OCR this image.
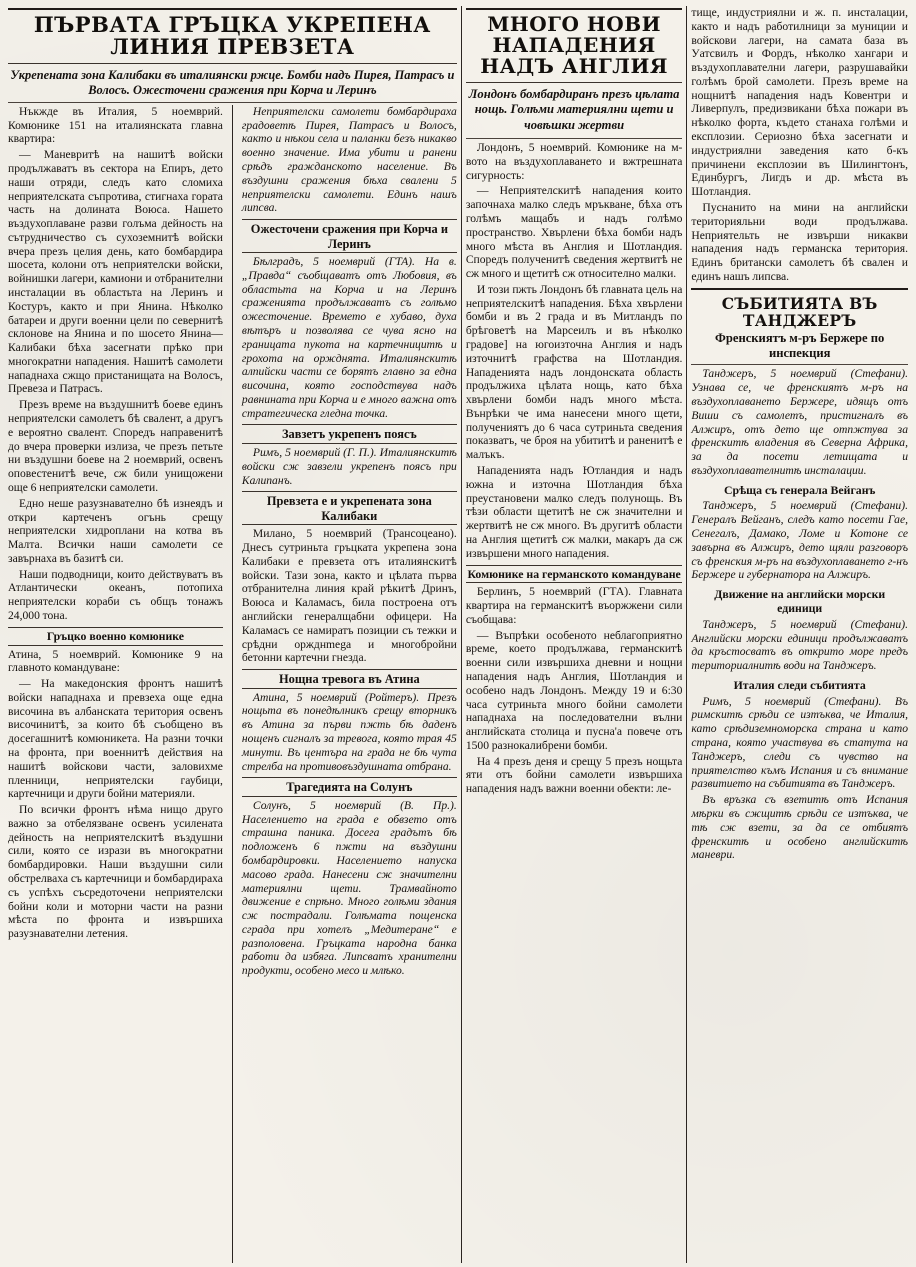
ПЪРВАТА ГРЪЦКА УКРЕПЕНА ЛИНИЯ ПРЕВЗЕТА
Укрепената зона Калибаки въ италиянски ржце. Бомби надъ Пирея, Патрасъ и Волосъ. Ожесточени сражения при Корча и Леринъ

Нъкжде въ Италия, 5 ноемврий. Комюнике 151 на италиянската главна квартира:

— Маневритѣ на нашитѣ войски продължаватъ въ сектора на Епиръ, дето наши отряди, следъ като сломиха неприятелската съпротива, стигнаха гората часть на долината Воюса. Нашето въздухоплаване разви голъма дейность на сътрудничество съ сухоземнитѣ войски вчера презъ целия день, като бомбардира шосета, колони отъ неприятелски войски, войнишки лагери, камиони и отбранителни инсталации въ областьта на Леринъ и Костуръ, както и при Янина. Нѣколко батареи и други военни цели по севернитѣ склонове на Янина и по шосето Янина—Калибаки бѣха засегнати прѣко при многократни нападения. Нашитѣ самолети нападнаха сжщо пристанищата на Волосъ, Превеза и Патрасъ.

Презъ време на въздушнитѣ боеве единъ неприятелски самолетъ бѣ свалент, а другъ е вероятно свалент. Споредъ направенитѣ до вчера проверки излиза, че презъ петьте ни въздушни боеве на 2 ноемврий, освенъ оповестенитѣ вече, сж били унищожени още 6 неприятелски самолети.

Едно нешe разузнавателно бѣ изнеядъ и откри картеченъ огънь срещу неприятелски хидроплани на котва въ Малта. Всички наши самолети се завърнаха въ базитѣ си.

Наши подводници, които действуватъ въ Атлантически океанъ, потопиха неприятелски кораби съ общъ тонажъ 24,000 тона.

Гръцко военно комюнике

Атина, 5 ноемврий. Комюнике 9 на главното командуване:

— На македонския фронтъ нашитѣ войски нападнаха и превзеха още една височина въ албанската територия освенъ височинитѣ, за които бѣ съобщено въ досегашнитѣ комюникета. На разни точки на фронта, при военнитѣ действия на нашитѣ войскови части, заловихме пленници, неприятелски гаубици, картечници и други бойни материяли.

По всички фронтъ нѣма нищо друго важно за отбелязване освенъ усилената дейность на неприятелскитѣ въздушни сили, която се изрази въ многократни бомбардировки. Наши въздушни сили обстрелваха съ картечници и бомбардираха съ успѣхъ съсредоточени неприятелски бойни коли и моторни части на разни мѣста по фронта и извършиха разузнавателни летения.

Неприятелски самолети бомбардираха градоветѣ Пирея, Патрасъ и Волосъ, както и нѣкои села и паланки безъ никакво военно значение. Има убити и ранени срѣдъ гражданското население. Въ въздушни сражения бѣха свалени 5 неприятелски самолети. Единъ нашъ липсва.

Ожесточени сражения при Корча и Леринъ

Бѣлградъ, 5 ноемврий (ГТА). На в. „Правда“ съобщаватъ отъ Любовия, въ областьта на Корча и на Леринъ сраженията продължаватъ съ голѣмо ожесточение. Времето е хубаво, духа вѣтъръ и позволява се чува ясно на границата пукота на картечницитѣ и грохота на оржднята. Италиянскитѣ алпийски части се борятъ главно за една височина, която господствува надъ равнината при Корча и е много важна отъ стратегическа гледна точка.

Завзетъ укрепенъ поясъ

Римъ, 5 ноемврий (Г. П.). Италиянскитѣ войски сж завзели укрепенъ поясъ при Калипанъ.

Превзета е и укрепената зона Калибаки

Милано, 5 ноемврий (Трансоцеано). Днесъ сутриньта гръцката укрепена зона Калибаки е превзета отъ италиянскитѣ войски. Тази зона, както и цѣлата първа отбранителна линия край рѣкитѣ Дринъ, Воюса и Каламасъ, била построена отъ английски генералщабни офицери. На Каламасъ се намиратъ позиции съ тежки и срѣдни оржднmega и многобройни бетонни картечни гнезда.

Нощна тревога въ Атина

Атина, 5 ноемврий (Ройтеръ). Презъ нощьта въ понедѣлникъ срещу вторникъ въ Атина за първи пжть бѣ даденъ нощенъ сигналъ за тревога, която трая 45 минути. Въ центъра на града не бѣ чута стрелба на противовъздушната отбрана.

Трагедията на Солунъ

Солунъ, 5 ноемврий (В. Пр.). Населението на града е обвзето отъ страшна паника. Досега градътъ бѣ подложенъ 6 пжти на въздушни бомбардировки. Населението напуска масово града. Нанесени сж значителни материялни щети. Трамвайното движение е спрѣно. Много голѣми здания сж пострадали. Голѣмата пощенска сграда при хотелъ „Медитеране“ е разполовена. Гръцката народна банка работи да избяга. Липсватъ хранителни продукти, особено месо и млѣко.

МНОГО НОВИ НАПАДЕНИЯ НАДЪ АНГЛИЯ
Лондонъ бомбардиранъ презъ цѣлата нощь. Голѣми материялни щети и човѣшки жертви

Лондонъ, 5 ноемврий. Комюнике на м-вото на въздухоплаването и вжтрешната сигурность:

— Неприятелскитѣ нападения които започнаха малко следъ мръкване, бѣха отъ голѣмъ мащабъ и надъ голѣмо пространство. Хвърлени бѣха бомби надъ много мѣста въ Англия и Шотландия. Споредъ полученитѣ сведения жертвитѣ не сж много и щетитѣ сж относително малки.

И този пжть Лондонъ бѣ главната цель на неприятелскитѣ нападения. Бѣха хвърлени бомби и въ 2 града и въ Митландъ по брѣговетѣ на Марсеилъ и въ нѣколко градове] на югоизточна Англия и надъ източнитѣ графства на Шотландия. Нападенията надъ лондонската область продължиха цѣлата нощь, като бѣха хвърлени бомби надъ много мѣста. Вънрѣки че има нанесени много щети, получениятъ до 6 часа сутриньта сведения показватъ, че броя на убититѣ и раненитѣ е малъкъ.

Нападенията надъ Ютландия и надъ южна и източна Шотландия бѣха преустановени малко следъ полунощь. Въ тѣзи области щетитѣ не сж значителни и жертвитѣ не сж много. Въ другитѣ области на Англия щетитѣ сж малки, макаръ да сж извършени много нападения.

Комюнике на германското командуване

Берлинъ, 5 ноемврий (ГТА). Главната квартира на германскитѣ въоржжени сили съобщава:

— Въпрѣки особеното неблагоприятно време, което продължава, германскитѣ военни сили извършиха дневни и нощни нападения надъ Англия, Шотландия и особено надъ Лондонъ. Между 19 и 6:30 часа сутриньта много бойни самолети нападнаха на последователни вълни английската столица и пусна'а повече отъ 1500 разнокалибрени бомби.

На 4 презъ деня и срещу 5 презъ нощьта яти отъ бойни самолети извършиха нападения надъ важни военни обекти: ле-

тище, индустриялни и ж. п. инсталации, както и надъ работилници за муниции и войскови лагери, на самата база въ Уатсвилъ и Фордъ, нѣколко хангари и въздухоплавателни лагери, разрушавайки голѣмъ брой самолети. Презъ време на нощнитѣ нападения надъ Ковентри и Ливерпулъ, предизвикани бѣха пожари въ нѣколко форта, където станаха голѣми и експлозии. Сериозно бѣха засегнати и индустриялни заведения като б-къ причинени експлозии въ Шилингтонъ, Единбургъ, Лигдъ и др. мѣста въ Шотландия.

Пуснанито на мини на английски територияльни води продължава. Неприятельть не извърши никакви нападения надъ германска територия. Единъ британски самолетъ бѣ свален и единъ нашъ липсва.

СЪБИТИЯТА ВЪ ТАНДЖЕРЪ
Френскиятъ м-ръ Бержере по инспекция

Танджеръ, 5 ноемврий (Стефани). Узнава се, че френскиятъ м-ръ на въздухоплаването Бержере, идящъ отъ Виши съ самолетъ, пристигналъ въ Алжиръ, отъ дето ще отпжтува за френскитѣ владения въ Северна Африка, за да посети летищата и въздухоплавателнитѣ инсталации.

Срѣща съ генерала Вейганъ

Танджеръ, 5 ноемврий (Стефани). Генералъ Вейганъ, следъ като посети Гае, Сенегалъ, Дамако, Ломе и Котоне се завърна въ Алжиръ, дето щяли разговоръ съ френския м-ръ на въздухоплаването г-нъ Бержере и губернатора на Алжиръ.

Движение на английски морски единици

Танджеръ, 5 ноемврий (Стефани). Английски морски единици продължаватъ да кръстосватъ въ открито море предъ териториалнитѣ води на Танджеръ.

Италия следи събитията

Римъ, 5 ноемврий (Стефани). Въ римскитѣ срѣди се изтъква, че Италия, като срѣдиземноморска страна и като страна, която участвува въ статута на Танджеръ, следи съ чувство на приятелство къмъ Испания и съ внимание развитието на събитията въ Танджеръ.

Въ връзка съ взетитѣ отъ Испания мѣрки въ сжщитѣ срѣди се изтъква, че тѣ сж взети, за да се отбиятъ френскитѣ и особено английскитѣ маневри.
